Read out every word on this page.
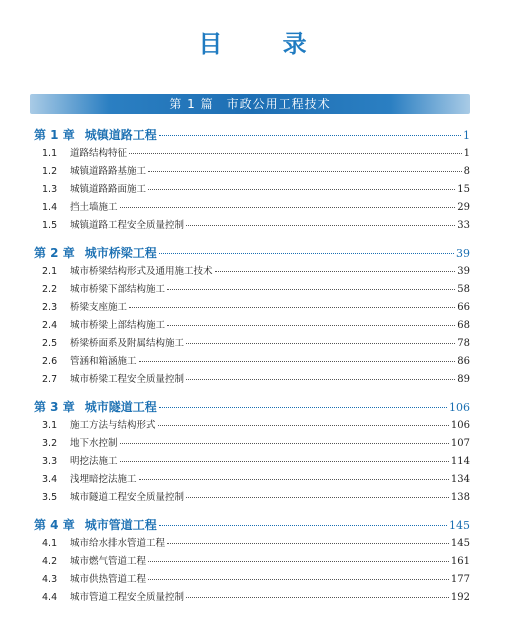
目 录
第 1 篇　市政公用工程技术
第 1 章 城镇道路工程	1
1.1	道路结构特征	1
1.2	城镇道路路基施工	8
1.3	城镇道路路面施工	15
1.4	挡土墙施工	29
1.5	城镇道路工程安全质量控制	33
第 2 章 城市桥梁工程	39
2.1	城市桥梁结构形式及通用施工技术	39
2.2	城市桥梁下部结构施工	58
2.3	桥梁支座施工	66
2.4	城市桥梁上部结构施工	68
2.5	桥梁桥面系及附属结构施工	78
2.6	管涵和箱涵施工	86
2.7	城市桥梁工程安全质量控制	89
第 3 章 城市隧道工程	106
3.1	施工方法与结构形式	106
3.2	地下水控制	107
3.3	明挖法施工	114
3.4	浅埋暗挖法施工	134
3.5	城市隧道工程安全质量控制	138
第 4 章 城市管道工程	145
4.1	城市给水排水管道工程	145
4.2	城市燃气管道工程	161
4.3	城市供热管道工程	177
4.4	城市管道工程安全质量控制	192
